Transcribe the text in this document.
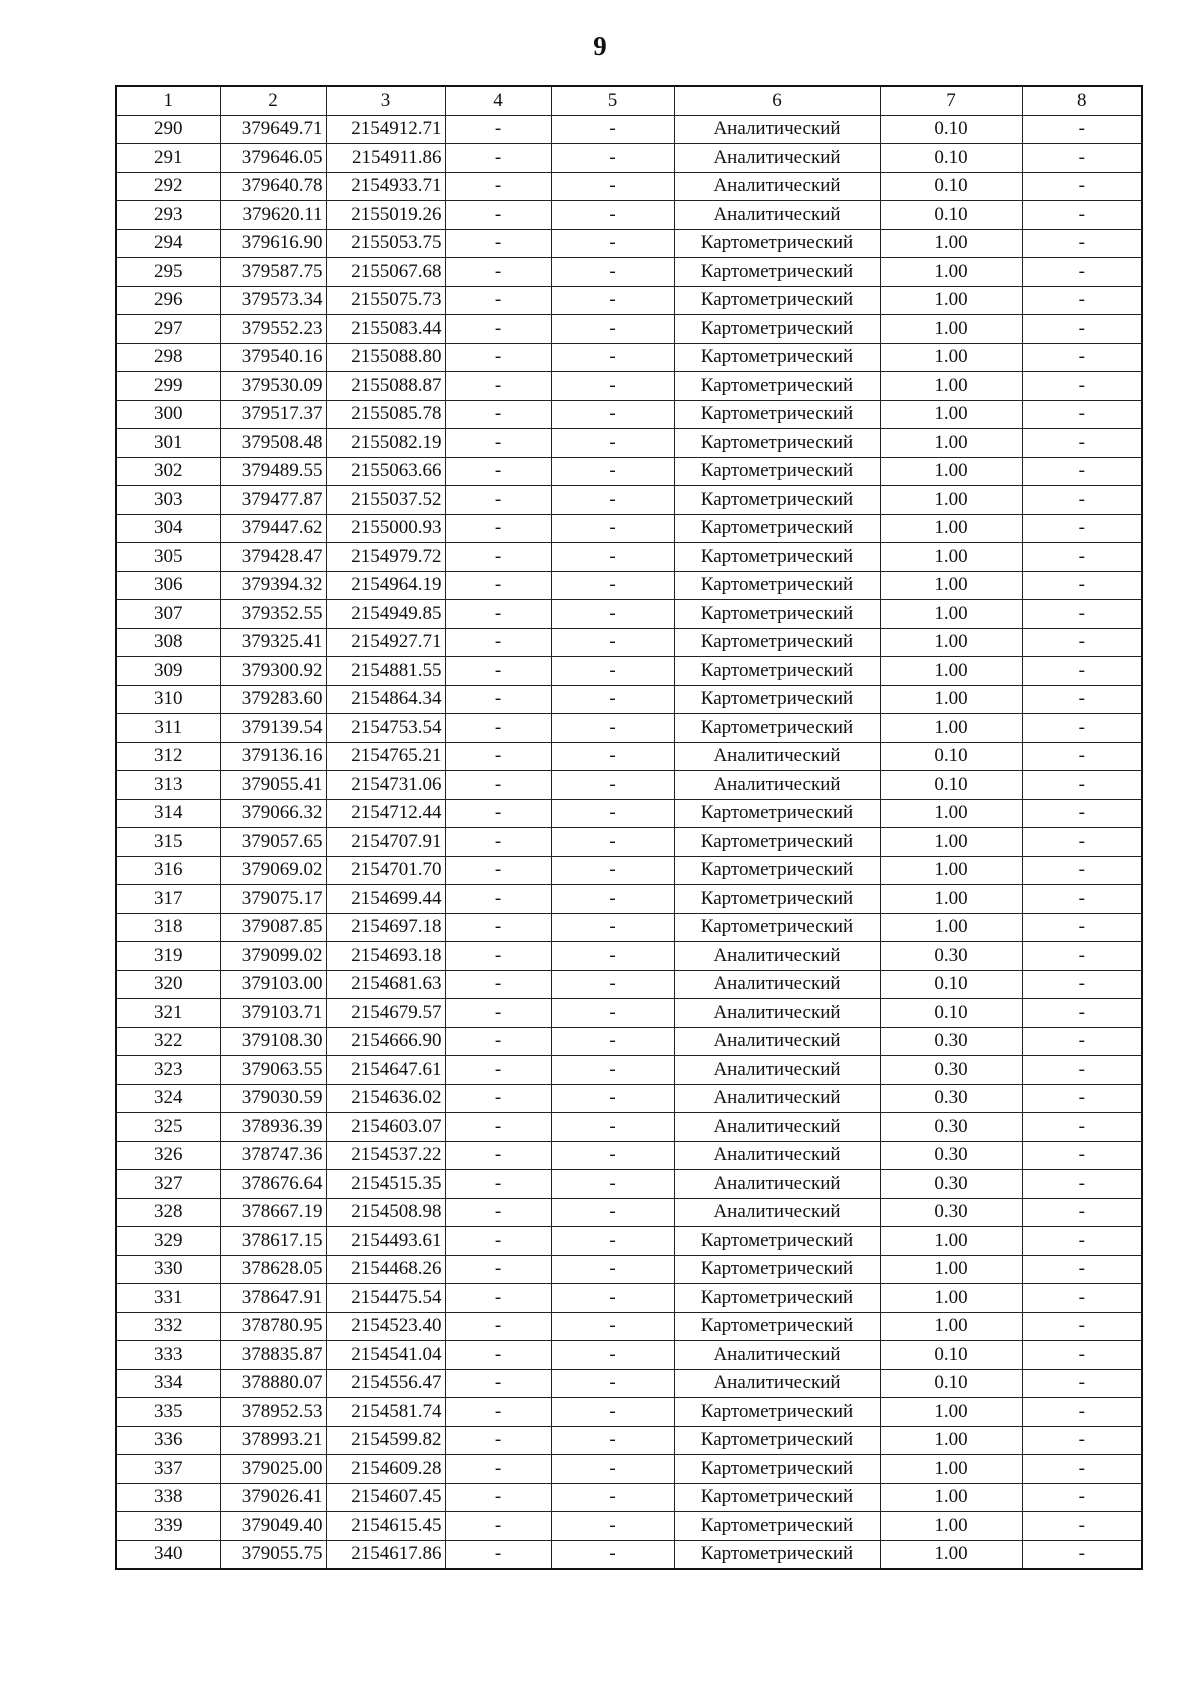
9
1	2	3	4	5	6	7	8
290	379649.71	2154912.71	-	-	Аналитический	0.10	-
291	379646.05	2154911.86	-	-	Аналитический	0.10	-
292	379640.78	2154933.71	-	-	Аналитический	0.10	-
293	379620.11	2155019.26	-	-	Аналитический	0.10	-
294	379616.90	2155053.75	-	-	Картометрический	1.00	-
295	379587.75	2155067.68	-	-	Картометрический	1.00	-
296	379573.34	2155075.73	-	-	Картометрический	1.00	-
297	379552.23	2155083.44	-	-	Картометрический	1.00	-
298	379540.16	2155088.80	-	-	Картометрический	1.00	-
299	379530.09	2155088.87	-	-	Картометрический	1.00	-
300	379517.37	2155085.78	-	-	Картометрический	1.00	-
301	379508.48	2155082.19	-	-	Картометрический	1.00	-
302	379489.55	2155063.66	-	-	Картометрический	1.00	-
303	379477.87	2155037.52	-	-	Картометрический	1.00	-
304	379447.62	2155000.93	-	-	Картометрический	1.00	-
305	379428.47	2154979.72	-	-	Картометрический	1.00	-
306	379394.32	2154964.19	-	-	Картометрический	1.00	-
307	379352.55	2154949.85	-	-	Картометрический	1.00	-
308	379325.41	2154927.71	-	-	Картометрический	1.00	-
309	379300.92	2154881.55	-	-	Картометрический	1.00	-
310	379283.60	2154864.34	-	-	Картометрический	1.00	-
311	379139.54	2154753.54	-	-	Картометрический	1.00	-
312	379136.16	2154765.21	-	-	Аналитический	0.10	-
313	379055.41	2154731.06	-	-	Аналитический	0.10	-
314	379066.32	2154712.44	-	-	Картометрический	1.00	-
315	379057.65	2154707.91	-	-	Картометрический	1.00	-
316	379069.02	2154701.70	-	-	Картометрический	1.00	-
317	379075.17	2154699.44	-	-	Картометрический	1.00	-
318	379087.85	2154697.18	-	-	Картометрический	1.00	-
319	379099.02	2154693.18	-	-	Аналитический	0.30	-
320	379103.00	2154681.63	-	-	Аналитический	0.10	-
321	379103.71	2154679.57	-	-	Аналитический	0.10	-
322	379108.30	2154666.90	-	-	Аналитический	0.30	-
323	379063.55	2154647.61	-	-	Аналитический	0.30	-
324	379030.59	2154636.02	-	-	Аналитический	0.30	-
325	378936.39	2154603.07	-	-	Аналитический	0.30	-
326	378747.36	2154537.22	-	-	Аналитический	0.30	-
327	378676.64	2154515.35	-	-	Аналитический	0.30	-
328	378667.19	2154508.98	-	-	Аналитический	0.30	-
329	378617.15	2154493.61	-	-	Картометрический	1.00	-
330	378628.05	2154468.26	-	-	Картометрический	1.00	-
331	378647.91	2154475.54	-	-	Картометрический	1.00	-
332	378780.95	2154523.40	-	-	Картометрический	1.00	-
333	378835.87	2154541.04	-	-	Аналитический	0.10	-
334	378880.07	2154556.47	-	-	Аналитический	0.10	-
335	378952.53	2154581.74	-	-	Картометрический	1.00	-
336	378993.21	2154599.82	-	-	Картометрический	1.00	-
337	379025.00	2154609.28	-	-	Картометрический	1.00	-
338	379026.41	2154607.45	-	-	Картометрический	1.00	-
339	379049.40	2154615.45	-	-	Картометрический	1.00	-
340	379055.75	2154617.86	-	-	Картометрический	1.00	-
